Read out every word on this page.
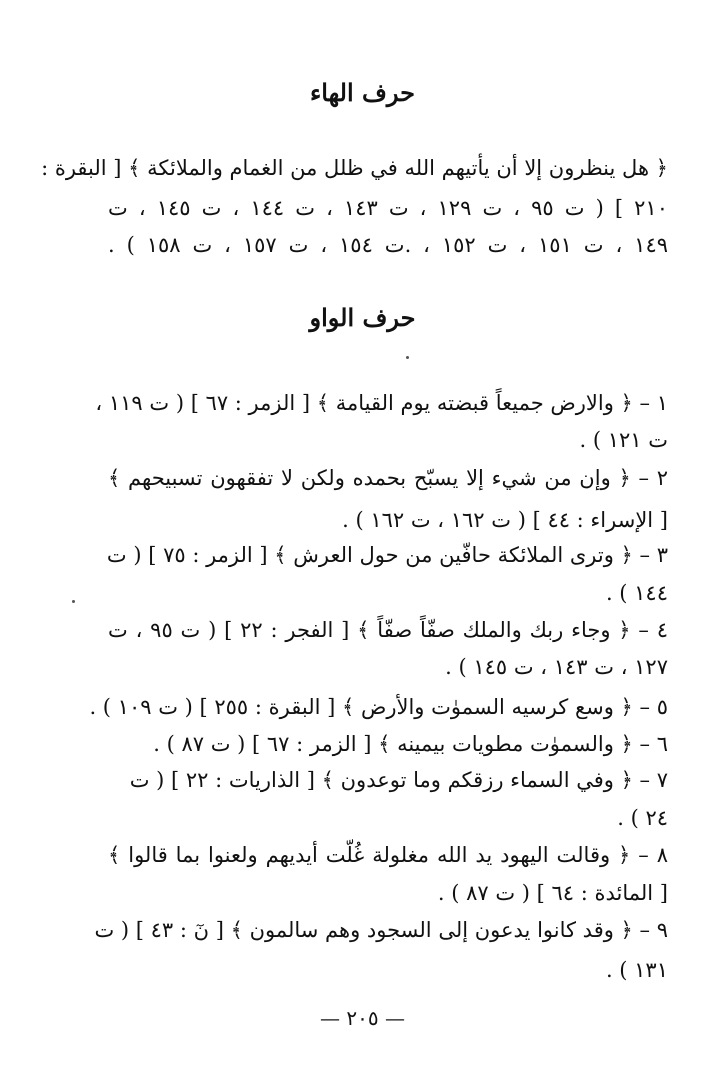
حرف الهاء
﴿ هل ينظرون إلا أن يأتيهم الله في ظلل من الغمام والملائكة ﴾ [ البقرة :
٢١٠ ] ( ت ٩٥ ، ت ١٢٩ ، ت ١٤٣ ، ت ١٤٤ ، ت ١٤٥ ، ت
١٤٩ ، ت ١٥١ ، ت ١٥٢ ، .ت ١٥٤ ، ت ١٥٧ ، ت ١٥٨ ) .
حرف الواو
١ – ﴿ والارض جميعاً قبضته يوم القيامة ﴾ [ الزمر : ٦٧ ] ( ت ١١٩ ،
ت ١٢١ ) .
٢ – ﴿ وإن من شيء إلا يسبّح بحمده ولكن لا تفقهون تسبيحهم ﴾
[ الإسراء : ٤٤ ] ( ت ١٦٢ ، ت ١٦٢ ) .
٣ – ﴿ وترى الملائكة حافّين من حول العرش ﴾ [ الزمر : ٧٥ ] ( ت
١٤٤ ) .
٤ – ﴿ وجاء ربك والملك صفّاً صفّاً ﴾ [ الفجر : ٢٢ ] ( ت ٩٥ ، ت
١٢٧ ، ت ١٤٣ ، ت ١٤٥ ) .
٥ – ﴿ وسع كرسيه السموٰت والأرض ﴾ [ البقرة : ٢٥٥ ] ( ت ١٠٩ ) .
٦ – ﴿ والسموٰت مطويات بيمينه ﴾ [ الزمر : ٦٧ ] ( ت ٨٧ ) .
٧ – ﴿ وفي السماء رزقكم وما توعدون ﴾ [ الذاريات : ٢٢ ] ( ت
٢٤ ) .
٨ – ﴿ وقالت اليهود يد الله مغلولة غُلّت أيديهم ولعنوا بما قالوا ﴾
[ المائدة : ٦٤ ] ( ت ٨٧ ) .
٩ – ﴿ وقد كانوا يدعون إلى السجود وهم سالمون ﴾ [ نٓ : ٤٣ ] ( ت
١٣١ ) .
— ٢٠٥ —
